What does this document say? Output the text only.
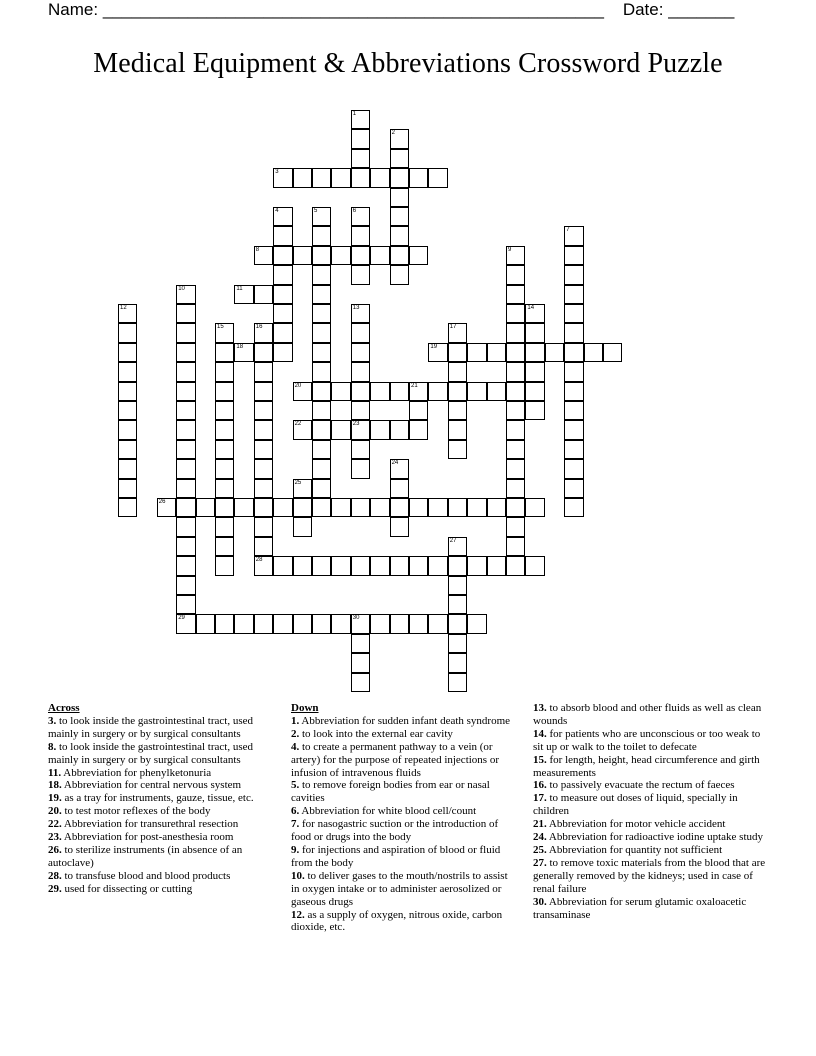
Name: _____________________________________________________ Date: _______
Medical Equipment & Abbreviations Crossword Puzzle
1
2
3
4	5	6
7
8	9
10	11
12	13
23
14
15	16	17
18	19
20	21
22
24
25
26
27
28
29	30
Across
3. to look inside the gastrointestinal tract, used mainly in surgery or by surgical consultants
8. to look inside the gastrointestinal tract, used mainly in surgery or by surgical consultants
11. Abbreviation for phenylketonuria
18. Abbreviation for central nervous system
19. as a tray for instruments, gauze, tissue, etc.
20. to test motor reflexes of the body
22. Abbreviation for transurethral resection
23. Abbreviation for post-anesthesia room
26. to sterilize instruments (in absence of an autoclave)
28. to transfuse blood and blood products
29. used for dissecting or cutting
Down
1. Abbreviation for sudden infant death syndrome
2. to look into the external ear cavity
4. to create a permanent pathway to a vein (or artery) for the purpose of repeated injections or infusion of intravenous fluids
5. to remove foreign bodies from ear or nasal cavities
6. Abbreviation for white blood cell/count
7. for nasogastric suction or the introduction of food or drugs into the body
9. for injections and aspiration of blood or fluid from the body
10. to deliver gases to the mouth/nostrils to assist in oxygen intake or to administer aerosolized or gaseous drugs
12. as a supply of oxygen, nitrous oxide, carbon dioxide, etc.
13. to absorb blood and other fluids as well as clean wounds
14. for patients who are unconscious or too weak to sit up or walk to the toilet to defecate
15. for length, height, head circumference and girth measurements
16. to passively evacuate the rectum of faeces
17. to measure out doses of liquid, specially in children
21. Abbreviation for motor vehicle accident
24. Abbreviation for radioactive iodine uptake study
25. Abbreviation for quantity not sufficient
27. to remove toxic materials from the blood that are generally removed by the kidneys; used in case of renal failure
30. Abbreviation for serum glutamic oxaloacetic transaminase
